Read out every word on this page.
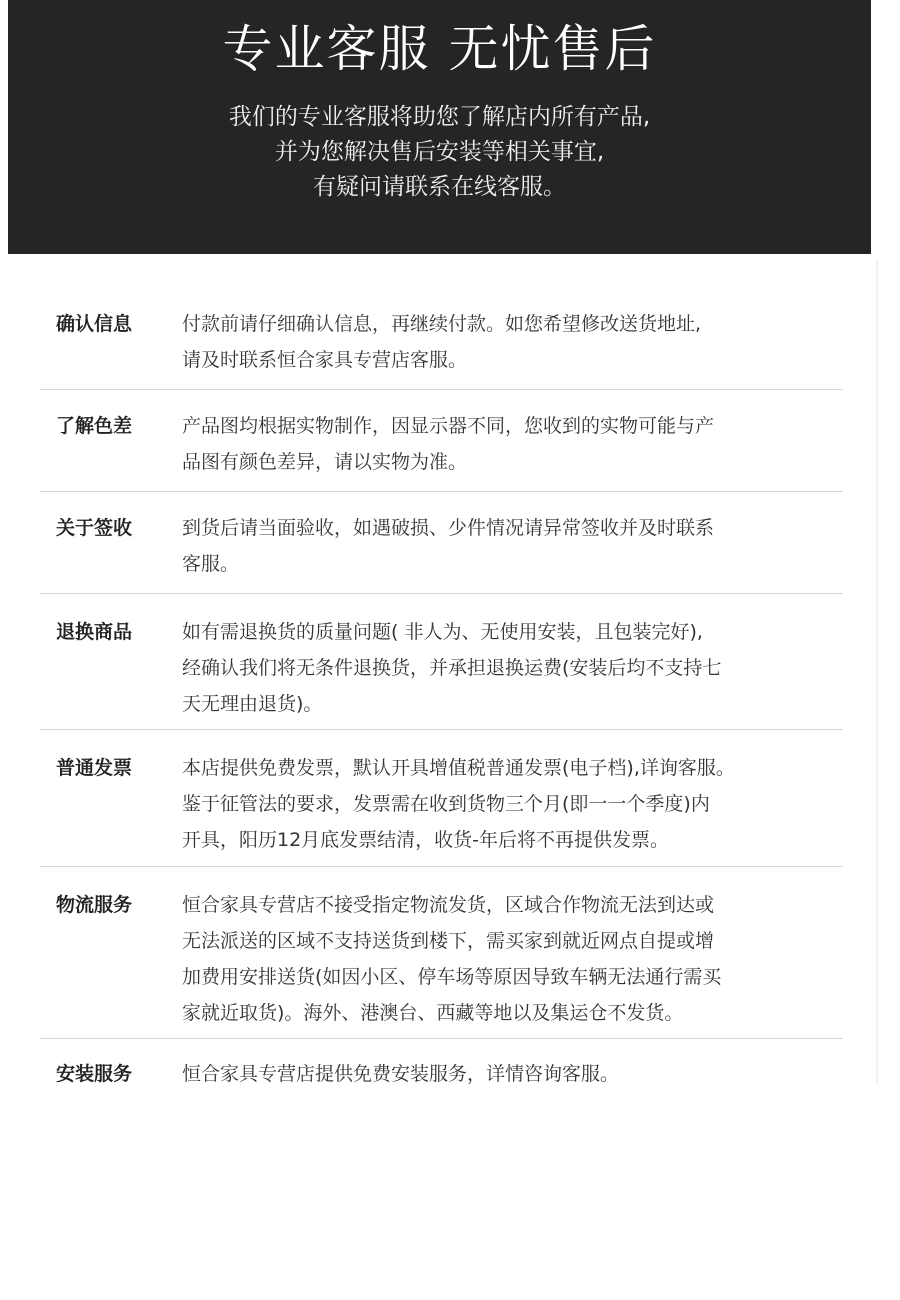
专业客服 无忧售后
我们的专业客服将助您了解店内所有产品,
并为您解决售后安装等相关事宜,
有疑问请联系在线客服。
确认信息	付款前请仔细确认信息，再继续付款。如您希望修改送货地址,
请及时联系恒合家具专营店客服。
了解色差	产品图均根据实物制作，因显示器不同，您收到的实物可能与产
品图有颜色差异，请以实物为准。
关于签收	到货后请当面验收，如遇破损、少件情况请异常签收并及时联系
客服。
退换商品	如有需退换货的质量问题( 非人为、无使用安装，且包装完好),
经确认我们将无条件退换货，并承担退换运费(安装后均不支持七
天无理由退货)。
普通发票	本店提供免费发票，默认开具增值税普通发票(电子档),详询客服。
鉴于征管法的要求，发票需在收到货物三个月(即一一个季度)内
开具，阳历12月底发票结清，收货-年后将不再提供发票。
物流服务	恒合家具专营店不接受指定物流发货，区域合作物流无法到达或
无法派送的区域不支持送货到楼下，需买家到就近网点自提或增
加费用安排送货(如因小区、停车场等原因导致车辆无法通行需买
家就近取货)。海外、港澳台、西藏等地以及集运仓不发货。
安装服务	恒合家具专营店提供免费安装服务，详情咨询客服。
